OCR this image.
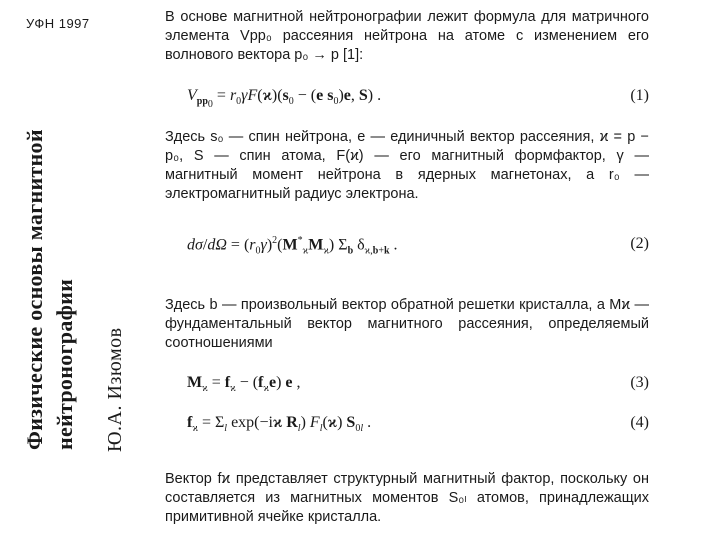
УФН 1997
Физические основы магнитной нейтронографии Ю.А. Изюмов
В основе магнитной нейтронографии лежит формула для матричного элемента Vpp₀ рассеяния нейтрона на атоме с изменением его волнового вектора p₀ → p [1]:
$V_{pp_0} = r_0\gamma F(ϰ)(s_0 - (e$ $s_0)e$, S) .	(1)
Здесь s₀ — спин нейтрона, e — единичный вектор рассеяния, ϰ = p − p₀, S — спин атома, F(ϰ) — его магнитный формфактор, γ — магнитный момент нейтрона в ядерных магнетонах, а r₀ — электромагнитный радиус электрона.
$d\sigma/d\Omega = (r_0\gamma)^2(M^*_ϰM_ϰ)$ $\Sigma_b$ $\delta_{ϰ,b+k}$ .	(2)
Здесь b — произвольный вектор обратной решетки кристалла, а Mϰ — фундаментальный вектор магнитного рассеяния, определяемый соотношениями
$M_ϰ = f_ϰ - (f_ϰe)$ e ,	(3)
$f_ϰ = \Sigma_l$ exp(−iϰ $R_l$) $F_l(ϰ)$ $S_{0l}$ .	(4)
Вектор fϰ представляет структурный магнитный фактор, поскольку он составляется из магнитных моментов S₀ₗ атомов, принадлежащих примитивной ячейке кристалла.
